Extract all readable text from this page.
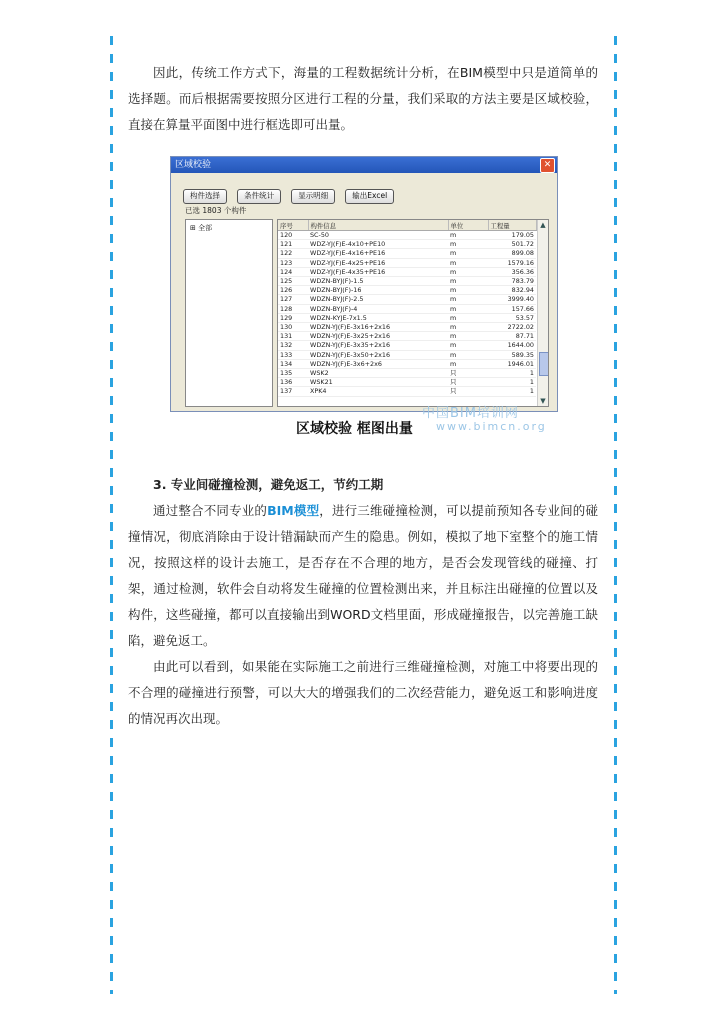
因此，传统工作方式下，海量的工程数据统计分析，在BIM模型中只是道简单的选择题。而后根据需要按照分区进行工程的分量，我们采取的方法主要是区域校验，直接在算量平面图中进行框选即可出量。

区域校验	✕
构件选择	条件统计	显示明细	输出Excel
已选 1803 个构件
⊞ 全部	序号	构件信息	单位	工程量
120	SC-50	m	179.05
121	WDZ-YJ(F)E-4x10+PE10	m	501.72
122	WDZ-YJ(F)E-4x16+PE16	m	899.08
123	WDZ-YJ(F)E-4x25+PE16	m	1579.16
124	WDZ-YJ(F)E-4x35+PE16	m	356.36
125	WDZN-BYJ(F)-1.5	m	783.79
126	WDZN-BYJ(F)-16	m	832.94
127	WDZN-BYJ(F)-2.5	m	3999.40
128	WDZN-BYJ(F)-4	m	157.66
129	WDZN-KYJE-7x1.5	m	53.57
130	WDZN-YJ(F)E-3x16+2x16	m	2722.02
131	WDZN-YJ(F)E-3x25+2x16	m	87.71
132	WDZN-YJ(F)E-3x35+2x16	m	1644.00
133	WDZN-YJ(F)E-3x50+2x16	m	589.35
134	WDZN-YJ(F)E-3x6+2x6	m	1946.01
135	WSK2	只	1
136	WSK21	只	1
137	XPK4	只	1
▲
▼
中国BIM培训网
www.bimcn.org
区域校验 框图出量

3. 专业间碰撞检测，避免返工，节约工期

通过整合不同专业的BIM模型，进行三维碰撞检测，可以提前预知各专业间的碰撞情况，彻底消除由于设计错漏缺而产生的隐患。例如，模拟了地下室整个的施工情况，按照这样的设计去施工，是否存在不合理的地方，是否会发现管线的碰撞、打架，通过检测，软件会自动将发生碰撞的位置检测出来，并且标注出碰撞的位置以及构件，这些碰撞，都可以直接输出到WORD文档里面，形成碰撞报告，以完善施工缺陷，避免返工。

由此可以看到，如果能在实际施工之前进行三维碰撞检测，对施工中将要出现的不合理的碰撞进行预警，可以大大的增强我们的二次经营能力，避免返工和影响进度的情况再次出现。
